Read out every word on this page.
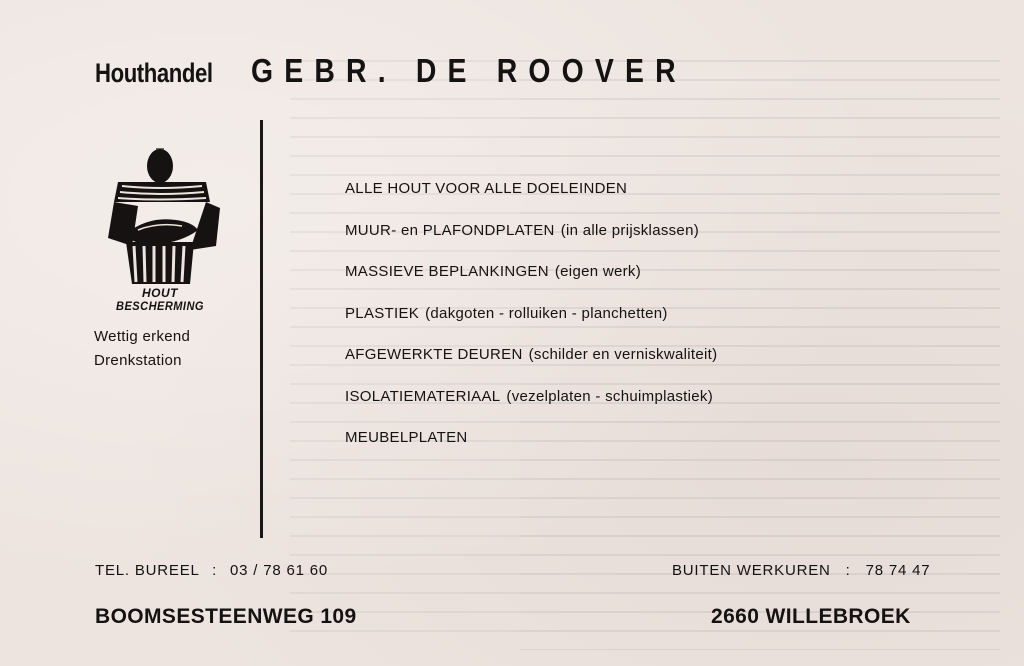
Houthandel GEBR. DE ROOVER
HOUT
BESCHERMING
Wettig erkend
Drenkstation
ALLE HOUT VOOR ALLE DOELEINDEN
MUUR- en PLAFONDPLATEN (in alle prijsklassen)
MASSIEVE BEPLANKINGEN (eigen werk)
PLASTIEK (dakgoten - rolluiken - planchetten)
AFGEWERKTE DEUREN (schilder en verniskwaliteit)
ISOLATIEMATERIAAL (vezelplaten - schuimplastiek)
MEUBELPLATEN
TEL. BUREEL : 03 / 78 61 60	BUITEN WERKUREN : 78 74 47
BOOMSESTEENWEG 109	2660 WILLEBROEK
